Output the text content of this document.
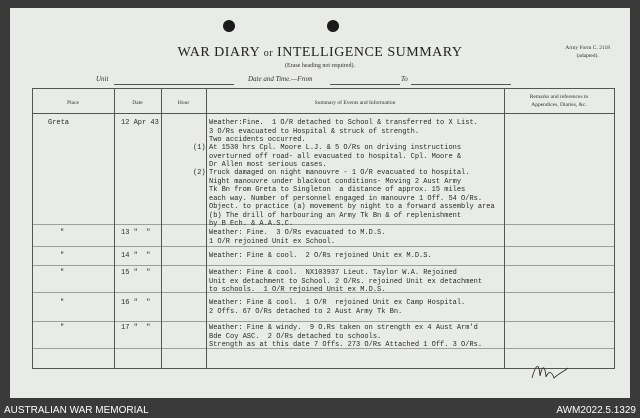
WAR DIARY or INTELLIGENCE SUMMARY
(Erase heading not required).
Army Form C. 2118
(adapted).
Unit	Date and Time.—From	To
Place	Date	Hour	Summary of Events and Information
Remarks and references to
Appendices, Diaries, &c.
Greta	12 Apr 43	Weather:Fine.  1 O/R detached to School & transferred to X List.
3 O/Rs evacuated to Hospital & struck of strength.
Two accidents occurred.
(1) At 1530 hrs Cpl. Moore L.J. & 5 O/Rs on driving instructions
overturned off road- all evacuated to hospital. Cpl. Moore &
Dr Allen most serious cases.
(2) Truck damaged on night manouvre - 1 O/R evacuated to hospital.
Night manouvre under blackout conditions- Moving 2 Aust Army
Tk Bn from Greta to Singleton  a distance of approx. 15 miles
each way. Number of personnel engaged in manouvre 1 Off. 54 O/Rs.
Object. to practice (a) movement by night to a forward assembly area
(b) The drill of harbouring an Army Tk Bn & of replenishment
by B Ech. & A.A.S.C.
"	13 "  "	Weather: Fine.  3 O/Rs evacuated to M.D.S.
1 O/R rejoined Unit ex School.
"	14 "  "	Weather: Fine & cool.  2 O/Rs rejoined Unit ex M.D.S.
"	15 "  "	Weather: Fine & cool.  NX103937 Lieut. Taylor W.A. Rejoined
Unit ex detachment to School. 2 O/Rs. rejoined Unit ex detachment
to schools.  1 O/R rejoined Unit ex M.D.S.
"	16 "  "	Weather: Fine & cool.  1 O/R  rejoined Unit ex Camp Hospital.
2 Offs. 67 O/Rs detached to 2 Aust Army Tk Bn.
"	17 "  "	Weather: Fine & windy.  9 O.Rs taken on strength ex 4 Aust Arm'd
Bde Coy ASC.  2 O/Rs detached to schools.
Strength as at this date 7 Offs. 273 O/Rs Attached 1 Off. 3 O/Rs.
AUSTRALIAN WAR MEMORIAL	AWM2022.5.1329
